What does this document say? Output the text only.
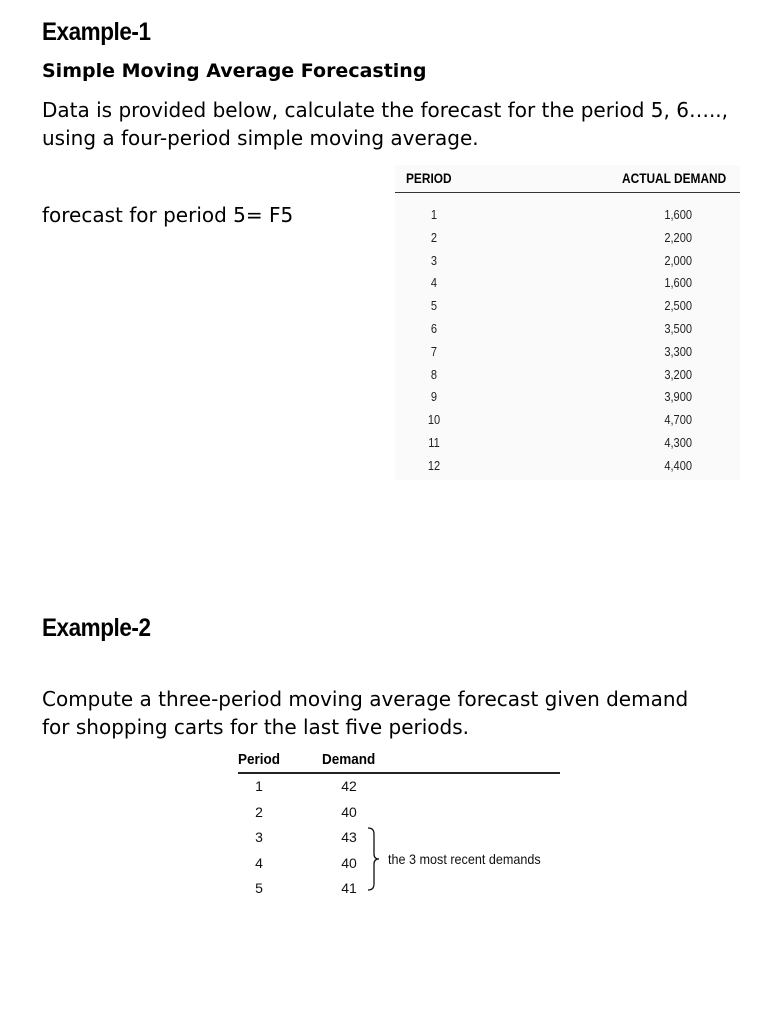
Example-1
Simple Moving Average Forecasting
Data is provided below, calculate the forecast for the period 5, 6…..,
using a four-period simple moving average.
forecast for period 5= F5
PERIOD	ACTUAL DEMAND
1	1,600
2	2,200
3	2,000
4	1,600
5	2,500
6	3,500
7	3,300
8	3,200
9	3,900
10	4,700
11	4,300
12	4,400
Example-2
Compute a three-period moving average forecast given demand
for shopping carts for the last five periods.
Period	Demand
1	42
2	40
3	43
4	40
5	41
the 3 most recent demands
